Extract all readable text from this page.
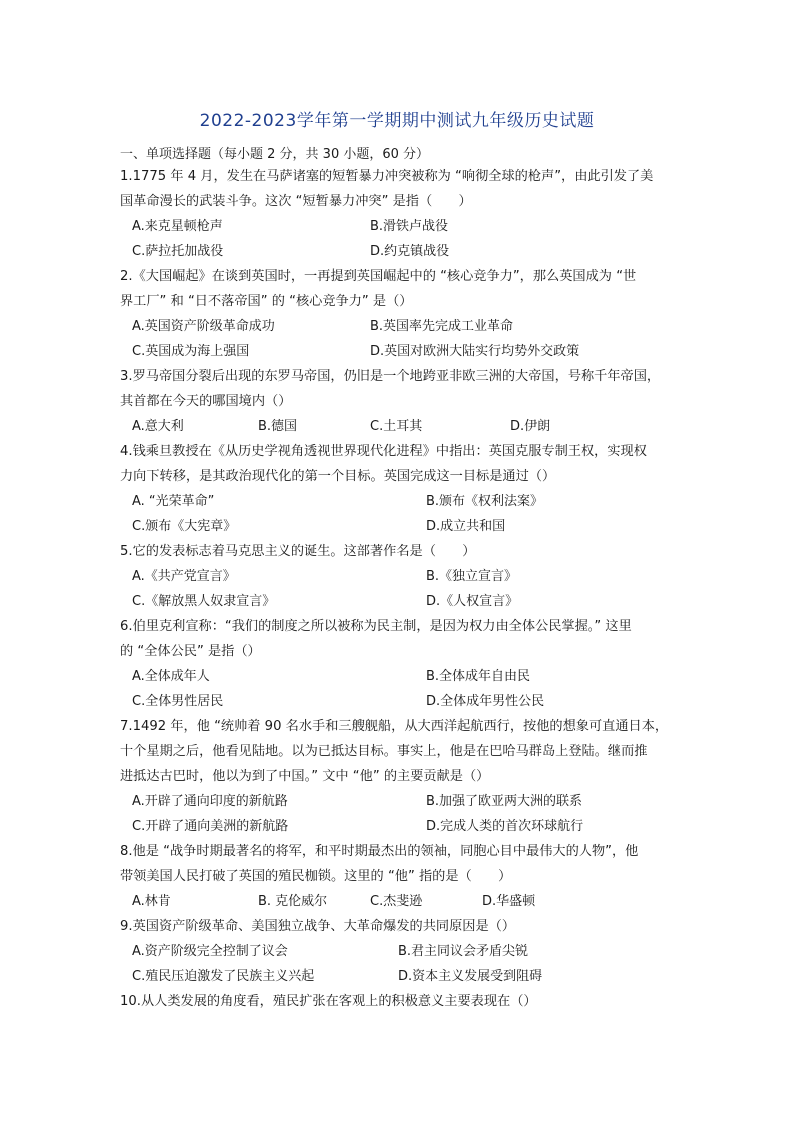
2022-2023学年第一学期期中测试九年级历史试题
一、单项选择题（每小题 2 分，共 30 小题，60 分）
1.1775 年 4 月，发生在马萨诸塞的短暂暴力冲突被称为 “响彻全球的枪声”，由此引发了美
国革命漫长的武装斗争。这次 “短暂暴力冲突” 是指（　　）
A.来克星顿枪声	B.滑铁卢战役
C.萨拉托加战役	D.约克镇战役
2.《大国崛起》在谈到英国时，一再提到英国崛起中的 “核心竞争力”，那么英国成为 “世
界工厂” 和 “日不落帝国” 的 “核心竞争力” 是（）
A.英国资产阶级革命成功	B.英国率先完成工业革命
C.英国成为海上强国	D.英国对欧洲大陆实行均势外交政策
3.罗马帝国分裂后出现的东罗马帝国，仍旧是一个地跨亚非欧三洲的大帝国，号称千年帝国，
其首都在今天的哪国境内（）
A.意大利	B.德国	C.土耳其	D.伊朗
4.钱乘旦教授在《从历史学视角透视世界现代化进程》中指出：英国克服专制王权，实现权
力向下转移，是其政治现代化的第一个目标。英国完成这一目标是通过（）
A. “光荣革命”	B.颁布《权利法案》
C.颁布《大宪章》	D.成立共和国
5.它的发表标志着马克思主义的诞生。这部著作名是（　　）
A.《共产党宣言》	B.《独立宣言》
C.《解放黑人奴隶宣言》	D.《人权宣言》
6.伯里克利宣称：“我们的制度之所以被称为民主制，是因为权力由全体公民掌握。” 这里
的 “全体公民” 是指（）
A.全体成年人	B.全体成年自由民
C.全体男性居民	D.全体成年男性公民
7.1492 年，他 “统帅着 90 名水手和三艘舰船，从大西洋起航西行，按他的想象可直通日本，
十个星期之后，他看见陆地。以为已抵达目标。事实上，他是在巴哈马群岛上登陆。继而推
进抵达古巴时，他以为到了中国。” 文中 “他” 的主要贡献是（）
A.开辟了通向印度的新航路	B.加强了欧亚两大洲的联系
C.开辟了通向美洲的新航路	D.完成人类的首次环球航行
8.他是 “战争时期最著名的将军，和平时期最杰出的领袖，同胞心目中最伟大的人物”，他
带领美国人民打破了英国的殖民枷锁。这里的 “他” 指的是（　　）
A.林肯	B. 克伦威尔	C.杰斐逊	D.华盛顿
9.英国资产阶级革命、美国独立战争、大革命爆发的共同原因是（）
A.资产阶级完全控制了议会	B.君主同议会矛盾尖锐
C.殖民压迫激发了民族主义兴起	D.资本主义发展受到阻碍
10.从人类发展的角度看，殖民扩张在客观上的积极意义主要表现在（）
